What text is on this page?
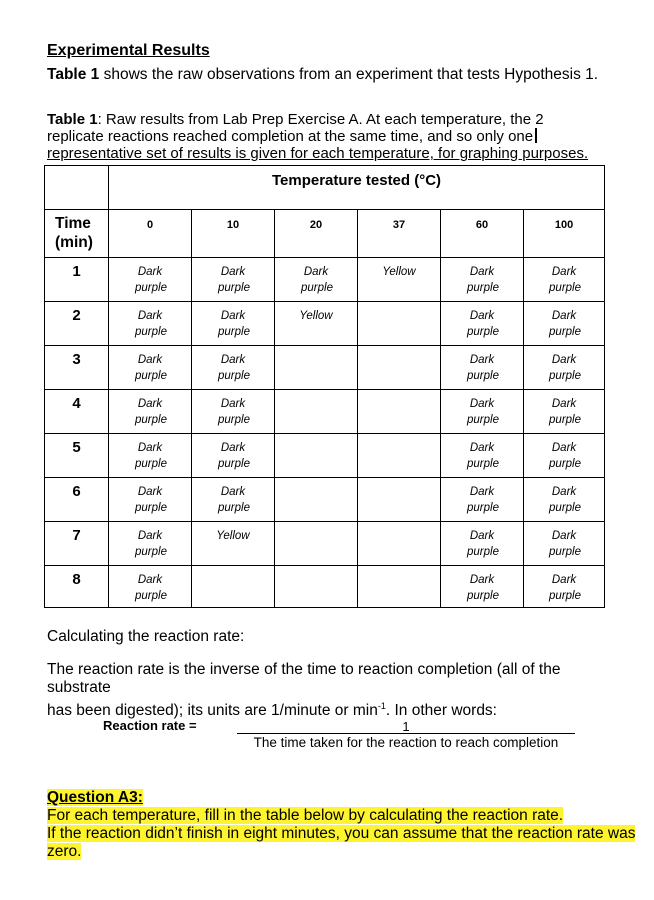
Experimental Results
Table 1 shows the raw observations from an experiment that tests Hypothesis 1.
Table 1: Raw results from Lab Prep Exercise A. At each temperature, the 2
replicate reactions reached completion at the same time, and so only one
representative set of results is given for each temperature, for graphing purposes.
	Temperature tested (°C)					
Time
(min)	0	10	20	37	60	100
1	Dark
purple	Dark
purple	Dark
purple	Yellow	Dark
purple	Dark
purple

2	Dark
purple	Dark
purple	Yellow		Dark
purple	Dark
purple

3	Dark
purple	Dark
purple			Dark
purple	Dark
purple

4	Dark
purple	Dark
purple			Dark
purple	Dark
purple

5	Dark
purple	Dark
purple			Dark
purple	Dark
purple

6	Dark
purple	Dark
purple			Dark
purple	Dark
purple

7	Dark
purple	Yellow			Dark
purple	Dark
purple

8	Dark
purple				Dark
purple	Dark
purple
Calculating the reaction rate:
The reaction rate is the inverse of the time to reaction completion (all of the substrate
has been digested); its units are 1/minute or $\min^{-1}$. In other words:
Reaction rate =	1
The time taken for the reaction to reach completion
Question A3:
For each temperature, fill in the table below by calculating the reaction rate.
If the reaction didn’t finish in eight minutes, you can assume that the reaction rate was
zero.
